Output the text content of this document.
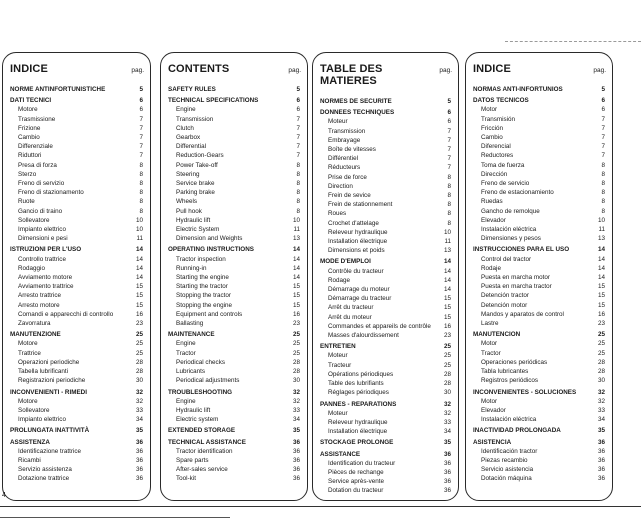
INDICE	pag.
NORME ANTINFORTUNISTICHE	5
DATI TECNICI	6
Motore	6
Trasmissione	7
Frizione	7
Cambio	7
Differenziale	7
Riduttori	7
Presa di forza	8
Sterzo	8
Freno di servizio	8
Freno di stazionamento	8
Ruote	8
Gancio di traino	8
Sollevatore	10
Impianto elettrico	10
Dimensioni e pesi	11
ISTRUZIONI PER L'USO	14
Controllo trattrice	14
Rodaggio	14
Avviamento motore	14
Avviamento trattrice	15
Arresto trattrice	15
Arresto motore	15
Comandi e apparecchi di controllo	16
Zavorratura	23
MANUTENZIONE	25
Motore	25
Trattrice	25
Operazioni periodiche	28
Tabella lubrificanti	28
Registrazioni periodiche	30
INCONVENIENTI - RIMEDI	32
Motore	32
Sollevatore	33
Impianto elettrico	34
PROLUNGATA INATTIVITÀ	35
ASSISTENZA	36
Identificazione trattrice	36
Ricambi	36
Servizio assistenza	36
Dotazione trattrice	36
CONTENTS	pag.
SAFETY RULES	5
TECHNICAL SPECIFICATIONS	6
Engine	6
Transmission	7
Clutch	7
Gearbox	7
Differential	7
Reduction-Gears	7
Power Take-off	8
Steering	8
Service brake	8
Parking brake	8
Wheels	8
Pull hook	8
Hydraulic lift	10
Electric System	11
Dimension and Weights	13
OPERATING INSTRUCTIONS	14
Tractor inspection	14
Running-in	14
Starting the engine	14
Starting the tractor	15
Stopping the tractor	15
Stopping the engine	15
Equipment and controls	16
Ballasting	23
MAINTENANCE	25
Engine	25
Tractor	25
Periodical checks	28
Lubricants	28
Periodical adjustments	30
TROUBLESHOOTING	32
Engine	32
Hydraulic lift	33
Electric system	34
EXTENDED STORAGE	35
TECHNICAL ASSISTANCE	36
Tractor identification	36
Spare parts	36
After-sales service	36
Tool-kit	36
TABLE DES MATIERES
pag.
NORMES DE SECURITE	5
DONNEES TECHNIQUES	6
Moteur	6
Transmission	7
Embrayage	7
Boîte de vitesses	7
Différentiel	7
Réducteurs	7
Prise de force	8
Direction	8
Frein de sevice	8
Frein de stationnement	8
Roues	8
Crochet d'attelage	8
Releveur hydraulique	10
Installation électrique	11
Dimensions et poids	13
MODE D'EMPLOI	14
Contrôle du tracteur	14
Rodage	14
Démarrage du moteur	14
Démarrage du tracteur	15
Arrêt du tracteur	15
Arrêt du moteur	15
Commandes et appareils de contrôle 16
Masses d'alourdissement	23
ENTRETIEN	25
Moteur	25
Tracteur	25
Opérations périodiques	28
Table des lubrifiants	28
Réglages périodiques	30
PANNES - REPARATIONS	32
Moteur	32
Releveur hydraulique	33
Installation électrique	34
STOCKAGE PROLONGE	35
ASSISTANCE	36
Identification du tracteur	36
Pièces de rechange	36
Service après-vente	36
Dotation du tracteur	36
INDICE	pag.
NORMAS ANTI-INFORTUNIOS	5
DATOS TECNICOS	6
Motor	6
Transmisión	7
Fricción	7
Cambio	7
Diferencial	7
Reductores	7
Toma de fuerza	8
Dirección	8
Freno de servicio	8
Freno de estacionamiento	8
Ruedas	8
Gancho de remolque	8
Elevador	10
Instalación eléctrica	11
Dimensiones y pesos	13
INSTRUCCIONES PARA EL USO	14
Control del tractor	14
Rodaje	14
Puesta en marcha motor	14
Puesta en marcha tractor	15
Detención tractor	15
Detención motor	15
Mandos y aparatos de control	16
Lastre	23
MANUTENCION	25
Motor	25
Tractor	25
Operaciones periódicas	28
Tabla lubricantes	28
Registros periódicos	30
INCONVENIENTES - SOLUCIONES	32
Motor	32
Elevador	33
Instalación eléctrica	34
INACTIVIDAD PROLONGADA	35
ASISTENCIA	36
Identificación tractor	36
Piezas recambio	36
Servicio asistencia	36
Dotación máquina	36
4
